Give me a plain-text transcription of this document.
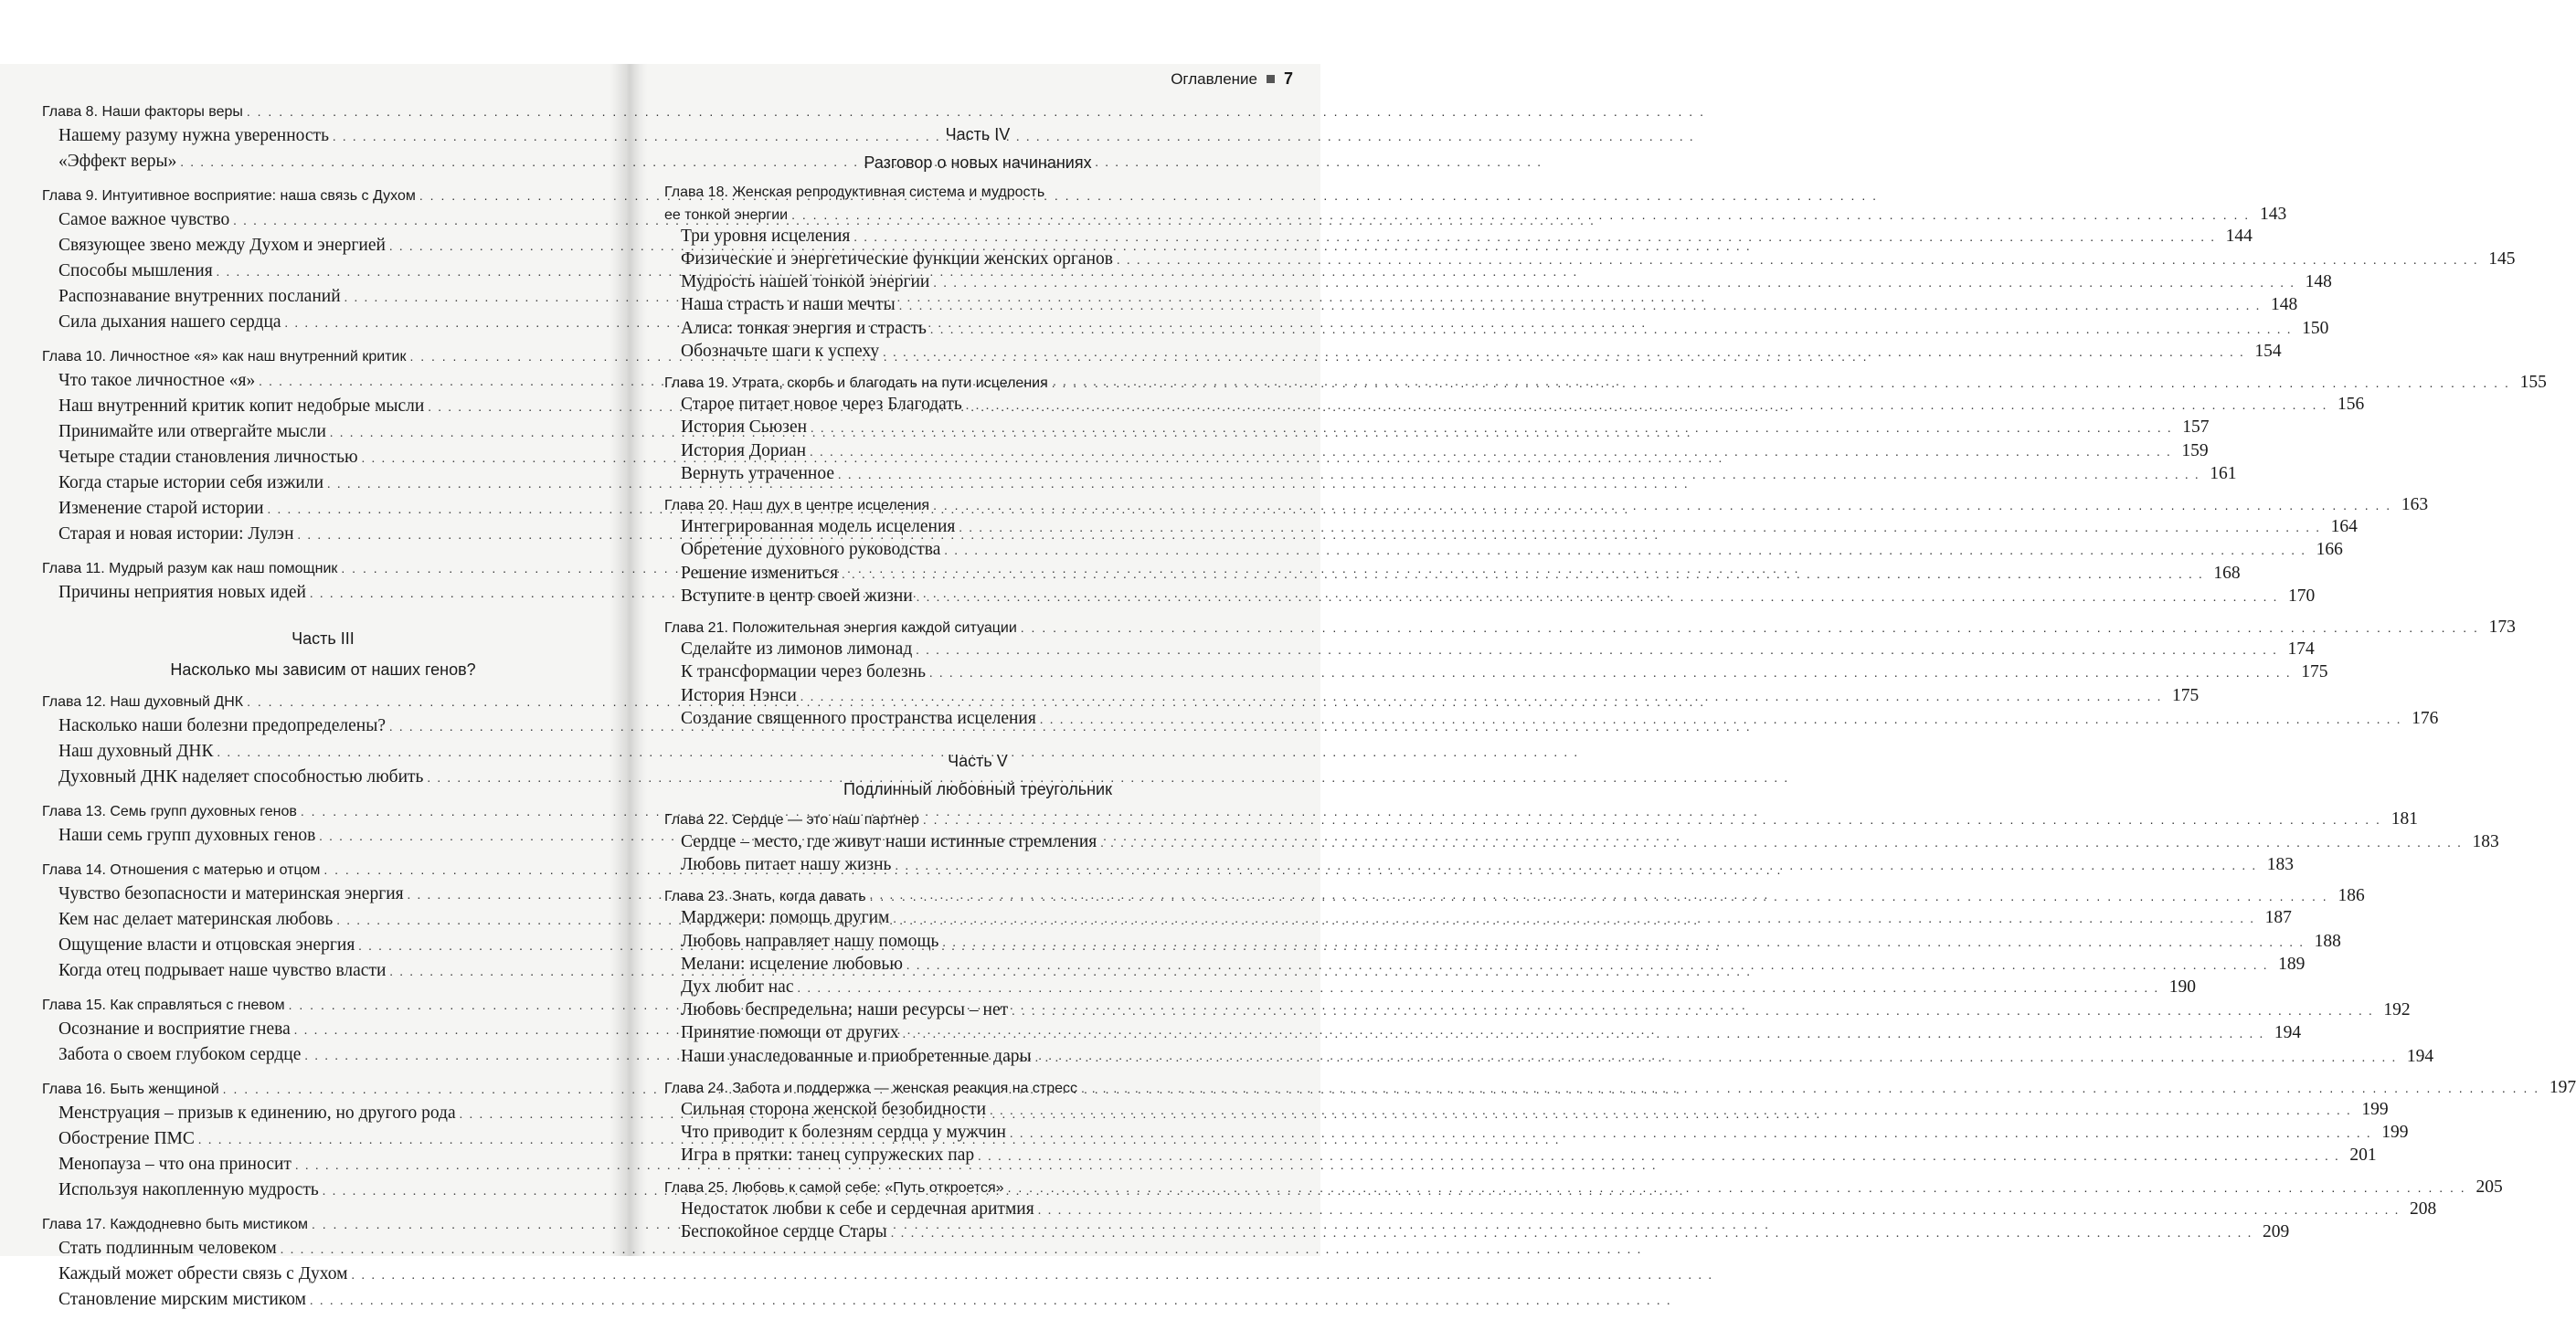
Глава 8. Наши факторы веры
. . .
Нашему разуму нужна уверенность
. . .
«Эффект веры»
. . .
Глава 9. Интуитивное восприятие: наша связь с Духом
. . .
Самое важное чувство
. . .
Связующее звено между Духом и энергией
. . .
Способы мышления
. . .
Распознавание внутренних посланий
. . .
Сила дыхания нашего сердца
. . .
Глава 10. Личностное «я» как наш внутренний критик
. . .
Что такое личностное «я»
. . .
Наш внутренний критик копит недобрые мысли
. . .
Принимайте или отвергайте мысли
. . .
Четыре стадии становления личностью
. . .
Когда старые истории себя изжили
. . .
Изменение старой истории
. . .
Старая и новая истории: Лулэн
. . .
Глава 11. Мудрый разум как наш помощник
. . .
Причины неприятия новых идей
. . .
Часть III
Насколько мы зависим от наших генов?
Глава 12. Наш духовный ДНК
. . .
Насколько наши болезни предопределены?
. . .
Наш духовный ДНК
. . .
Духовный ДНК наделяет способностью любить
. . .
Глава 13. Семь групп духовных генов
. . .
Наши семь групп духовных генов
. . .
Глава 14. Отношения с матерью и отцом
. . .
Чувство безопасности и материнская энергия
. . .
Кем нас делает материнская любовь
. . .
Ощущение власти и отцовская энергия
. . .
Когда отец подрывает наше чувство власти
. . .
Глава 15. Как справляться с гневом
. . .
Осознание и восприятие гнева
. . .
Забота о своем глубоком сердце
. . .
Глава 16. Быть женщиной
. . .
Менструация – призыв к единению, но другого рода
. . .
Обострение ПМС
. . .
Менопауза – что она приносит
. . .
Используя накопленную мудрость
. . .
Глава 17. Каждодневно быть мистиком
. . .
Стать подлинным человеком
. . .
Каждый может обрести связь с Духом
. . .
Становление мирским мистиком
. . .
Оглавление 7
Часть IV
Разговор о новых начинаниях
Глава 18. Женская репродуктивная система и мудрость
ее тонкой энергии . . .	143
Три уровня исцеления . . .	144
Физические и энергетические функции женских органов . . .	145
Мудрость нашей тонкой энергии . . .	148
Наша страсть и наши мечты . . .	148
Алиса: тонкая энергия и страсть . . .	150
Обозначьте шаги к успеху . . .	154
Глава 19. Утрата, скорбь и благодать на пути исцеления . . .	155
Старое питает новое через Благодать . . .	156
История Сьюзен . . .	157
История Дориан . . .	159
Вернуть утраченное . . .	161
Глава 20. Наш дух в центре исцеления . . .	163
Интегрированная модель исцеления . . .	164
Обретение духовного руководства . . .	166
Решение измениться . . .	168
Вступите в центр своей жизни . . .	170
Глава 21. Положительная энергия каждой ситуации . . .	173
Сделайте из лимонов лимонад . . .	174
К трансформации через болезнь . . .	175
История Нэнси . . .	175
Создание священного пространства исцеления . . .	176
Часть V
Подлинный любовный треугольник
Глава 22. Сердце — это наш партнер . . .	181
Сердце – место, где живут наши истинные стремления . . .	183
Любовь питает нашу жизнь . . .	183
Глава 23. Знать, когда давать . . .	186
Марджери: помощь другим . . .	187
Любовь направляет нашу помощь . . .	188
Мелани: исцеление любовью . . .	189
Дух любит нас . . .	190
Любовь беспредельна; наши ресурсы – нет . . .	192
Принятие помощи от других . . .	194
Наши унаследованные и приобретенные дары . . .	194
Глава 24. Забота и поддержка — женская реакция на стресс . . .	197
Сильная сторона женской безобидности . . .	199
Что приводит к болезням сердца у мужчин . . .	199
Игра в прятки: танец супружеских пар . . .	201
Глава 25. Любовь к самой себе: «Путь откроется» . . .	205
Недостаток любви к себе и сердечная аритмия . . .	208
Беспокойное сердце Стары . . .	209
